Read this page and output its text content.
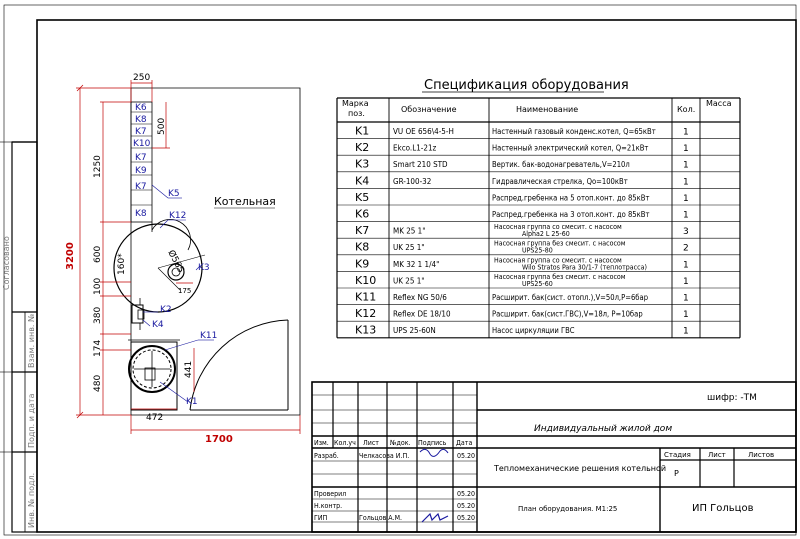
Согласовано
Взам. инв. №
Подп. и дата
Инв. № подл.
K6
K8
K7
K10
K7
K9
K7
K8
Котельная
K5
K12
K3
K2
K4
K11
K1
3200
1700
250
500
1250
600
100
380
174
480
472
441
175
160*	Ø565
Спецификация оборудования
Марка
поз.	Обозначение	Наименование	Кол.
Масса
K1	VU OE 656\4-5-H	Настенный газовый конденс.котел, Q=65кВт	1
K2	Ekco.L1-21z	Настенный электрический котел, Q=21кВт	1
K3	Smart 210 STD	Вертик. бак-водонагреватель,V=210л	1
K4	GR-100-32	Гидравлическая стрелка, Qo=100кВт	1
K5	Распред.гребенка на 5 отоп.конт. до 85кВт	1
K6	Распред.гребенка на 3 отоп.конт. до 85кВт	1
K7	MK 25 1"	Насосная группа со смесит. с насосом
Alpha2 L 25-60	3
K8	UK 25 1"	Насосная группа без смесит. с насосом
UPS25-80	2
K9	MK 32 1 1/4"	Насосная группа со смесит. с насосом
Wilo Stratos Para 30/1-7 (теплотрасса)	1
K10 UK 25 1"	Насосная группа без смесит. с насосом
UPS25-60	1
K11 Reflex NG 50/6	Расширит. бак(сист. отопл.),V=50л,P=6бар	1
K12 Reflex DE 18/10	Расширит. бак(сист.ГВС),V=18л, P=10бар	1
K13 UPS 25-60N	Насос циркуляции ГВС	1
шифр: -ТМ
Индивидуальный жилой дом
Изм. Кол.уч Лист №док. Подпись Дата
Разраб.	Челкасова И.П.	05.20
Проверил	05.20
Н.контр.	05.20
ГИП	Гольцов А.М.	05.20
Тепломеханические решения котельной
Стадия Лист	Листов
Р
План оборудования. М1:25	ИП Гольцов
